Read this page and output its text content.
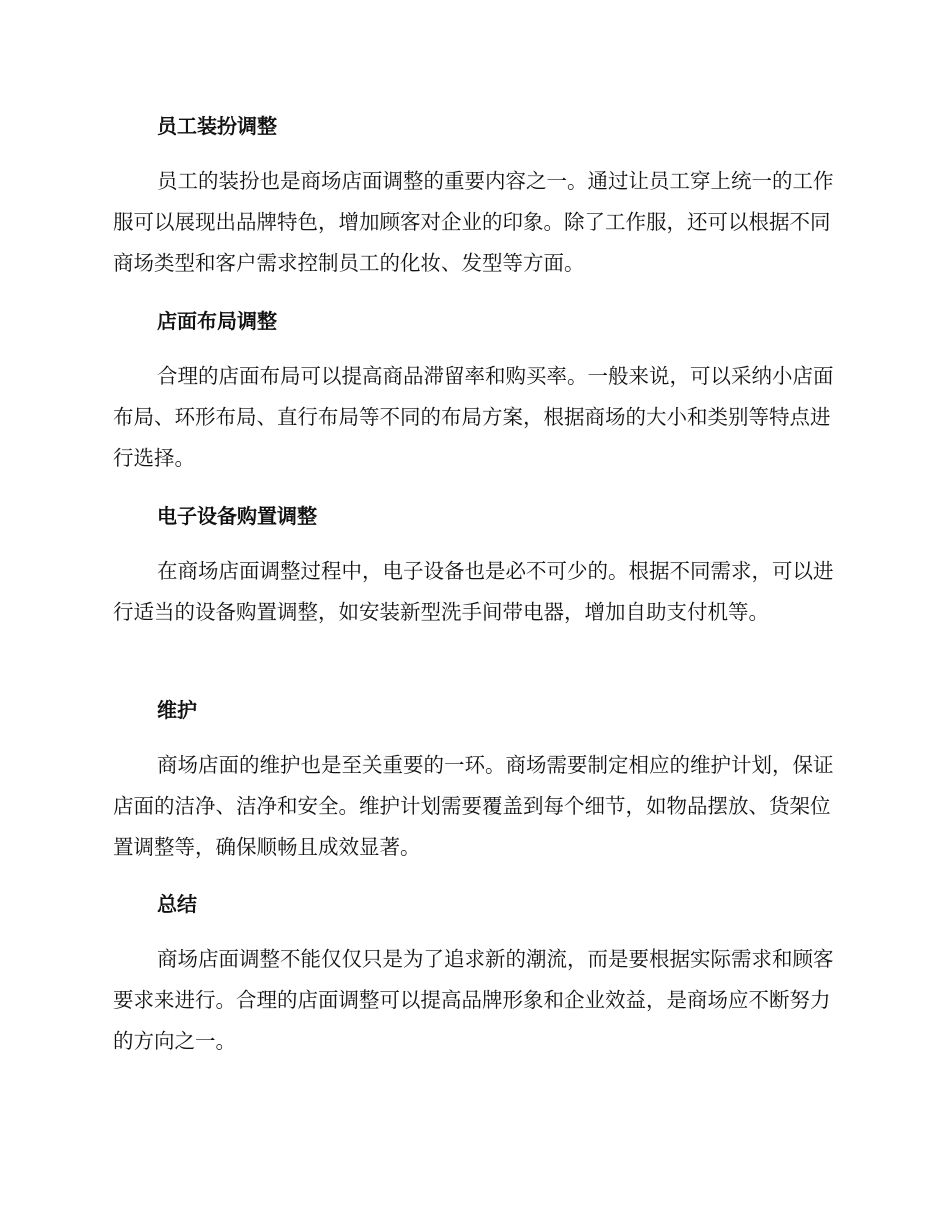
员工装扮调整

员工的装扮也是商场店面调整的重要内容之一。通过让员工穿上统一的工作服可以展现出品牌特色，增加顾客对企业的印象。除了工作服，还可以根据不同商场类型和客户需求控制员工的化妆、发型等方面。

店面布局调整

合理的店面布局可以提高商品滞留率和购买率。一般来说，可以采纳小店面布局、环形布局、直行布局等不同的布局方案，根据商场的大小和类别等特点进行选择。

电子设备购置调整

在商场店面调整过程中，电子设备也是必不可少的。根据不同需求，可以进行适当的设备购置调整，如安装新型洗手间带电器，增加自助支付机等。

维护

商场店面的维护也是至关重要的一环。商场需要制定相应的维护计划，保证店面的洁净、洁净和安全。维护计划需要覆盖到每个细节，如物品摆放、货架位置调整等，确保顺畅且成效显著。

总结

商场店面调整不能仅仅只是为了追求新的潮流，而是要根据实际需求和顾客要求来进行。合理的店面调整可以提高品牌形象和企业效益，是商场应不断努力的方向之一。
